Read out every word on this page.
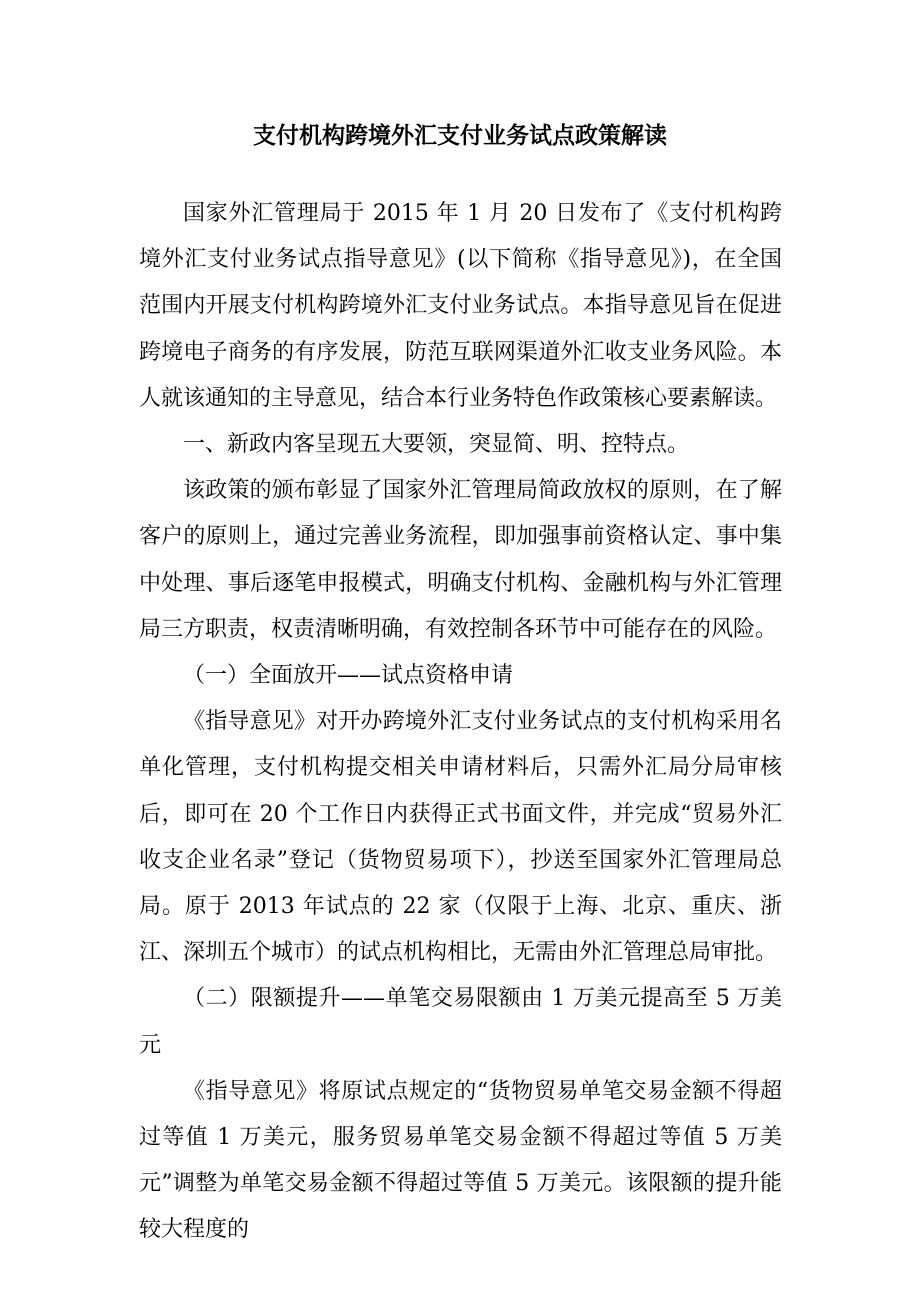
支付机构跨境外汇支付业务试点政策解读

国家外汇管理局于 2015 年 1 月 20 日发布了《支付机构跨境外汇支付业务试点指导意见》(以下简称《指导意见》)，在全国范围内开展支付机构跨境外汇支付业务试点。本指导意见旨在促进跨境电子商务的有序发展，防范互联网渠道外汇收支业务风险。本人就该通知的主导意见，结合本行业务特色作政策核心要素解读。

一、新政内客呈现五大要领，突显简、明、控特点。

该政策的颁布彰显了国家外汇管理局简政放权的原则，在了解客户的原则上，通过完善业务流程，即加强事前资格认定、事中集中处理、事后逐笔申报模式，明确支付机构、金融机构与外汇管理局三方职责，权责清晰明确，有效控制各环节中可能存在的风险。

（一）全面放开——试点资格申请

《指导意见》对开办跨境外汇支付业务试点的支付机构采用名单化管理，支付机构提交相关申请材料后，只需外汇局分局审核后，即可在 20 个工作日内获得正式书面文件，并完成“贸易外汇收支企业名录”登记（货物贸易项下），抄送至国家外汇管理局总局。原于 2013 年试点的 22 家（仅限于上海、北京、重庆、浙江、深圳五个城市）的试点机构相比，无需由外汇管理总局审批。

（二）限额提升——单笔交易限额由 1 万美元提高至 5 万美元

《指导意见》将原试点规定的“货物贸易单笔交易金额不得超过等值 1 万美元，服务贸易单笔交易金额不得超过等值 5 万美元”调整为单笔交易金额不得超过等值 5 万美元。该限额的提升能较大程度的
